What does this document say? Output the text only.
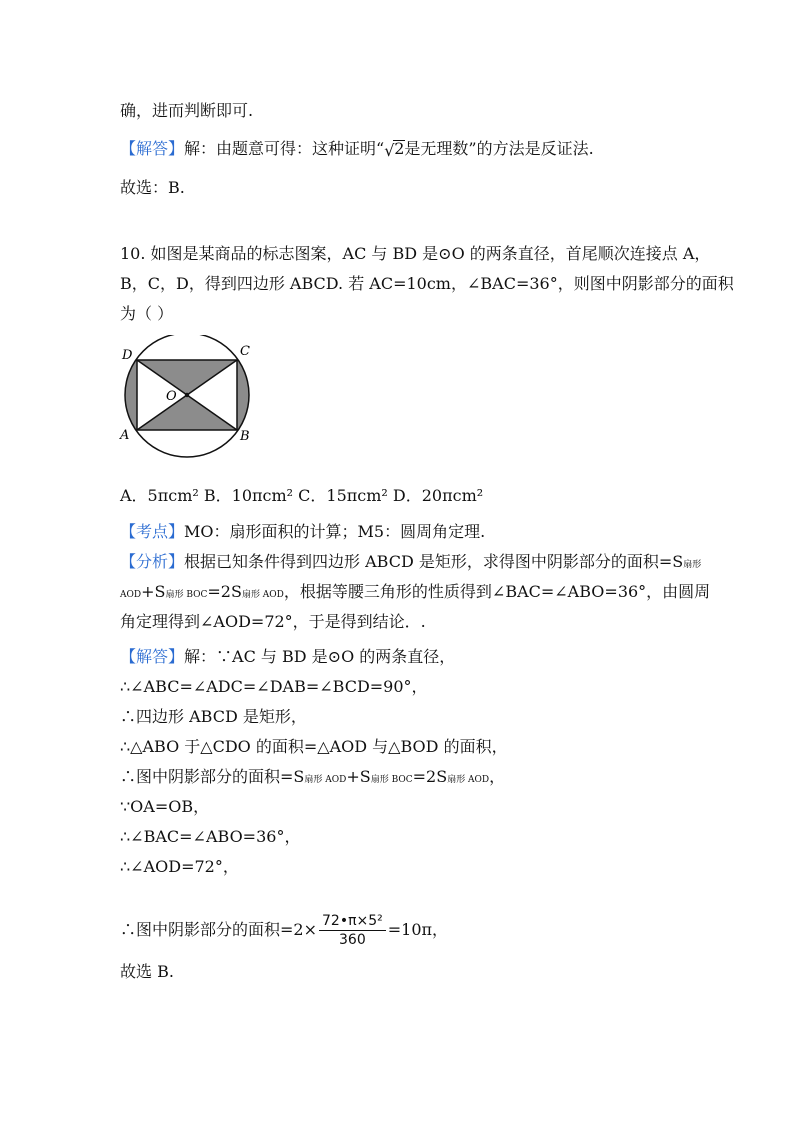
确，进而判断即可.
【解答】解：由题意可得：这种证明“ √ 2是无理数”的方法是反证法.
故选：B.
10. 如图是某商品的标志图案，AC 与 BD 是⊙O 的两条直径，首尾顺次连接点 A，
B，C，D，得到四边形 ABCD. 若 AC=10cm，∠BAC=36°，则图中阴影部分的面积
为（ ）
D	C
A	B
O
A．5πcm² B．10πcm² C．15πcm² D．20πcm²
【考点】MO：扇形面积的计算；M5：圆周角定理.
【分析】根据已知条件得到四边形 ABCD 是矩形，求得图中阴影部分的面积=S扇形
AOD+S扇形 BOC=2S扇形 AOD，根据等腰三角形的性质得到∠BAC=∠ABO=36°，由圆周
角定理得到∠AOD=72°，于是得到结论．.
【解答】解：∵AC 与 BD 是⊙O 的两条直径，
∴∠ABC=∠ADC=∠DAB=∠BCD=90°，
∴四边形 ABCD 是矩形，
∴△ABO 于△CDO 的面积=△AOD 与△BOD 的面积，
∴图中阴影部分的面积=S扇形 AOD+S扇形 BOC=2S扇形 AOD，
∵OA=OB，
∴∠BAC=∠ABO=36°，
∴∠AOD=72°，
∴图中阴影部分的面积$=2\times \frac{\text{72•π×5²}}{360} =10\pi$，
故选 B.
